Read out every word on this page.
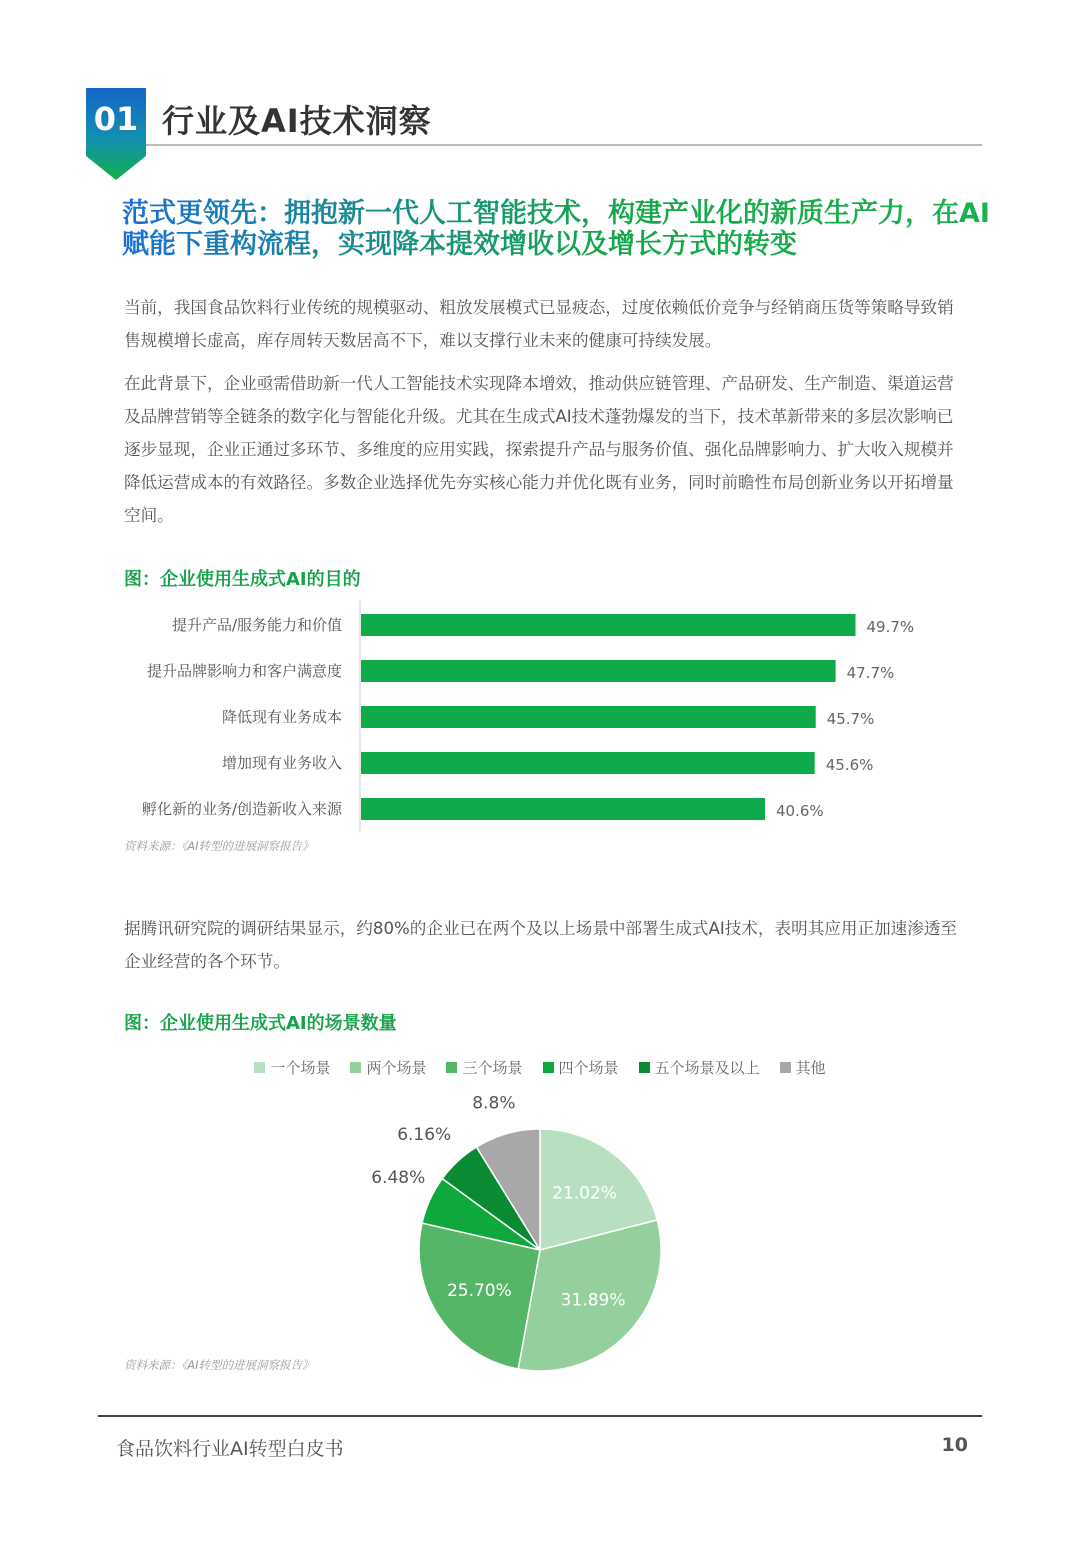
01 行业及AI技术洞察
范式更领先：拥抱新一代人工智能技术，构建产业化的新质生产力，在AI赋能下重构流程，实现降本提效增收以及增长方式的转变

当前，我国食品饮料行业传统的规模驱动、粗放发展模式已显疲态，过度依赖低价竞争与经销商压货等策略导致销售规模增长虚高，库存周转天数居高不下，难以支撑行业未来的健康可持续发展。

在此背景下，企业亟需借助新一代人工智能技术实现降本增效，推动供应链管理、产品研发、生产制造、渠道运营及品牌营销等全链条的数字化与智能化升级。尤其在生成式AI技术蓬勃爆发的当下，技术革新带来的多层次影响已逐步显现，企业正通过多环节、多维度的应用实践，探索提升产品与服务价值、强化品牌影响力、扩大收入规模并降低运营成本的有效路径。多数企业选择优先夯实核心能力并优化既有业务，同时前瞻性布局创新业务以开拓增量空间。

图：企业使用生成式AI的目的
提升产品/服务能力和价值	49.7%
提升品牌影响力和客户满意度	47.7%
降低现有业务成本	45.7%
增加现有业务收入	45.6%
孵化新的业务/创造新收入来源	40.6%
资料来源：《AI转型的进展洞察报告》

据腾讯研究院的调研结果显示，约80%的企业已在两个及以上场景中部署生成式AI技术，表明其应用正加速渗透至企业经营的各个环节。

图：企业使用生成式AI的场景数量
一个场景 两个场景 三个场景 四个场景 五个场景及以上 其他
21.02%
31.89%
25.70%
6.48%
6.16%
8.8%
资料来源：《AI转型的进展洞察报告》
食品饮料行业AI转型白皮书	10
